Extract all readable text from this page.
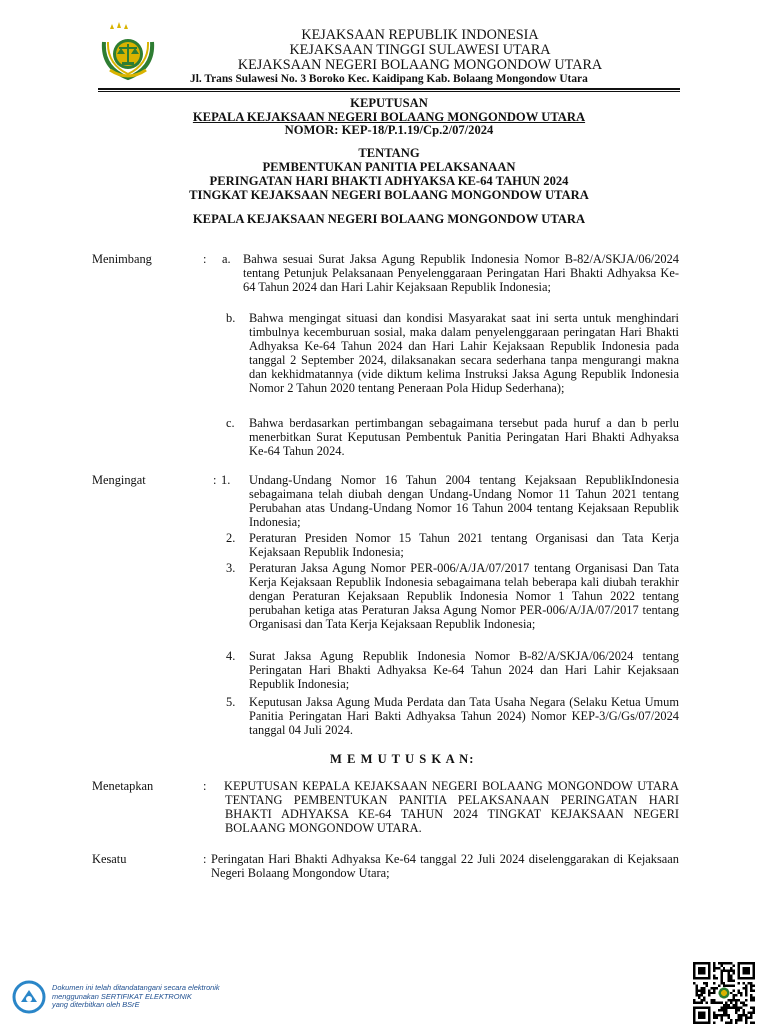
KEJAKSAAN REPUBLIK INDONESIA
KEJAKSAAN TINGGI SULAWESI UTARA
KEJAKSAAN NEGERI BOLAANG MONGONDOW UTARA
Jl. Trans Sulawesi No. 3 Boroko Kec. Kaidipang Kab. Bolaang Mongondow Utara
KEPUTUSAN
KEPALA KEJAKSAAN NEGERI BOLAANG MONGONDOW UTARA
NOMOR: KEP-18/P.1.19/Cp.2/07/2024
TENTANG
PEMBENTUKAN PANITIA PELAKSANAAN
PERINGATAN HARI BHAKTI ADHYAKSA KE-64 TAHUN 2024
TINGKAT KEJAKSAAN NEGERI BOLAANG MONGONDOW UTARA
KEPALA KEJAKSAAN NEGERI BOLAANG MONGONDOW UTARA
Menimbang	: a. Bahwa sesuai Surat Jaksa Agung Republik Indonesia Nomor B-82/A/SKJA/06/2024 tentang Petunjuk Pelaksanaan Penyelenggaraan Peringatan Hari Bhakti Adhyaksa Ke-64 Tahun 2024 dan Hari Lahir Kejaksaan Republik Indonesia;
b. Bahwa mengingat situasi dan kondisi Masyarakat saat ini serta untuk menghindari timbulnya kecemburuan sosial, maka dalam penyelenggaraan peringatan Hari Bhakti Adhyaksa Ke-64 Tahun 2024 dan Hari Lahir Kejaksaan Republik Indonesia pada tanggal 2 September 2024, dilaksanakan secara sederhana tanpa mengurangi makna dan kekhidmatannya (vide diktum kelima Instruksi Jaksa Agung Republik Indonesia Nomor 2 Tahun 2020 tentang Peneraan Pola Hidup Sederhana);
c. Bahwa berdasarkan pertimbangan sebagaimana tersebut pada huruf a dan b perlu menerbitkan Surat Keputusan Pembentuk Panitia Peringatan Hari Bhakti Adhyaksa Ke-64 Tahun 2024.
Mengingat	: 1. Undang-Undang Nomor 16 Tahun 2004 tentang Kejaksaan RepublikIndonesia sebagaimana telah diubah dengan Undang-Undang Nomor 11 Tahun 2021 tentang Perubahan atas Undang-Undang Nomor 16 Tahun 2004 tentang Kejaksaan Republik Indonesia;
2. Peraturan Presiden Nomor 15 Tahun 2021 tentang Organisasi dan Tata Kerja Kejaksaan Republik Indonesia;
3. Peraturan Jaksa Agung Nomor PER-006/A/JA/07/2017 tentang Organisasi Dan Tata Kerja Kejaksaan Republik Indonesia sebagaimana telah beberapa kali diubah terakhir dengan Peraturan Kejaksaan Republik Indonesia Nomor 1 Tahun 2022 tentang perubahan ketiga atas Peraturan Jaksa Agung Nomor PER-006/A/JA/07/2017 tentang Organisasi dan Tata Kerja Kejaksaan Republik Indonesia;
4. Surat Jaksa Agung Republik Indonesia Nomor B-82/A/SKJA/06/2024 tentang Peringatan Hari Bhakti Adhyaksa Ke-64 Tahun 2024 dan Hari Lahir Kejaksaan Republik Indonesia;
5. Keputusan Jaksa Agung Muda Perdata dan Tata Usaha Negara (Selaku Ketua Umum Panitia Peringatan Hari Bakti Adhyaksa Tahun 2024) Nomor KEP-3/G/Gs/07/2024 tanggal 04 Juli 2024.
M E M U T U S K A N:
Menetapkan	: KEPUTUSAN KEPALA KEJAKSAAN NEGERI BOLAANG MONGONDOW UTARA TENTANG PEMBENTUKAN PANITIA PELAKSANAAN PERINGATAN HARI BHAKTI ADHYAKSA KE-64 TAHUN 2024 TINGKAT KEJAKSAAN NEGERI BOLAANG MONGONDOW UTARA.
Kesatu	: Peringatan Hari Bhakti Adhyaksa Ke-64 tanggal 22 Juli 2024 diselenggarakan di Kejaksaan Negeri Bolaang Mongondow Utara;
Dokumen ini telah ditandatangani secara elektronik
menggunakan SERTIFIKAT ELEKTRONIK
yang diterbitkan oleh BSrE
